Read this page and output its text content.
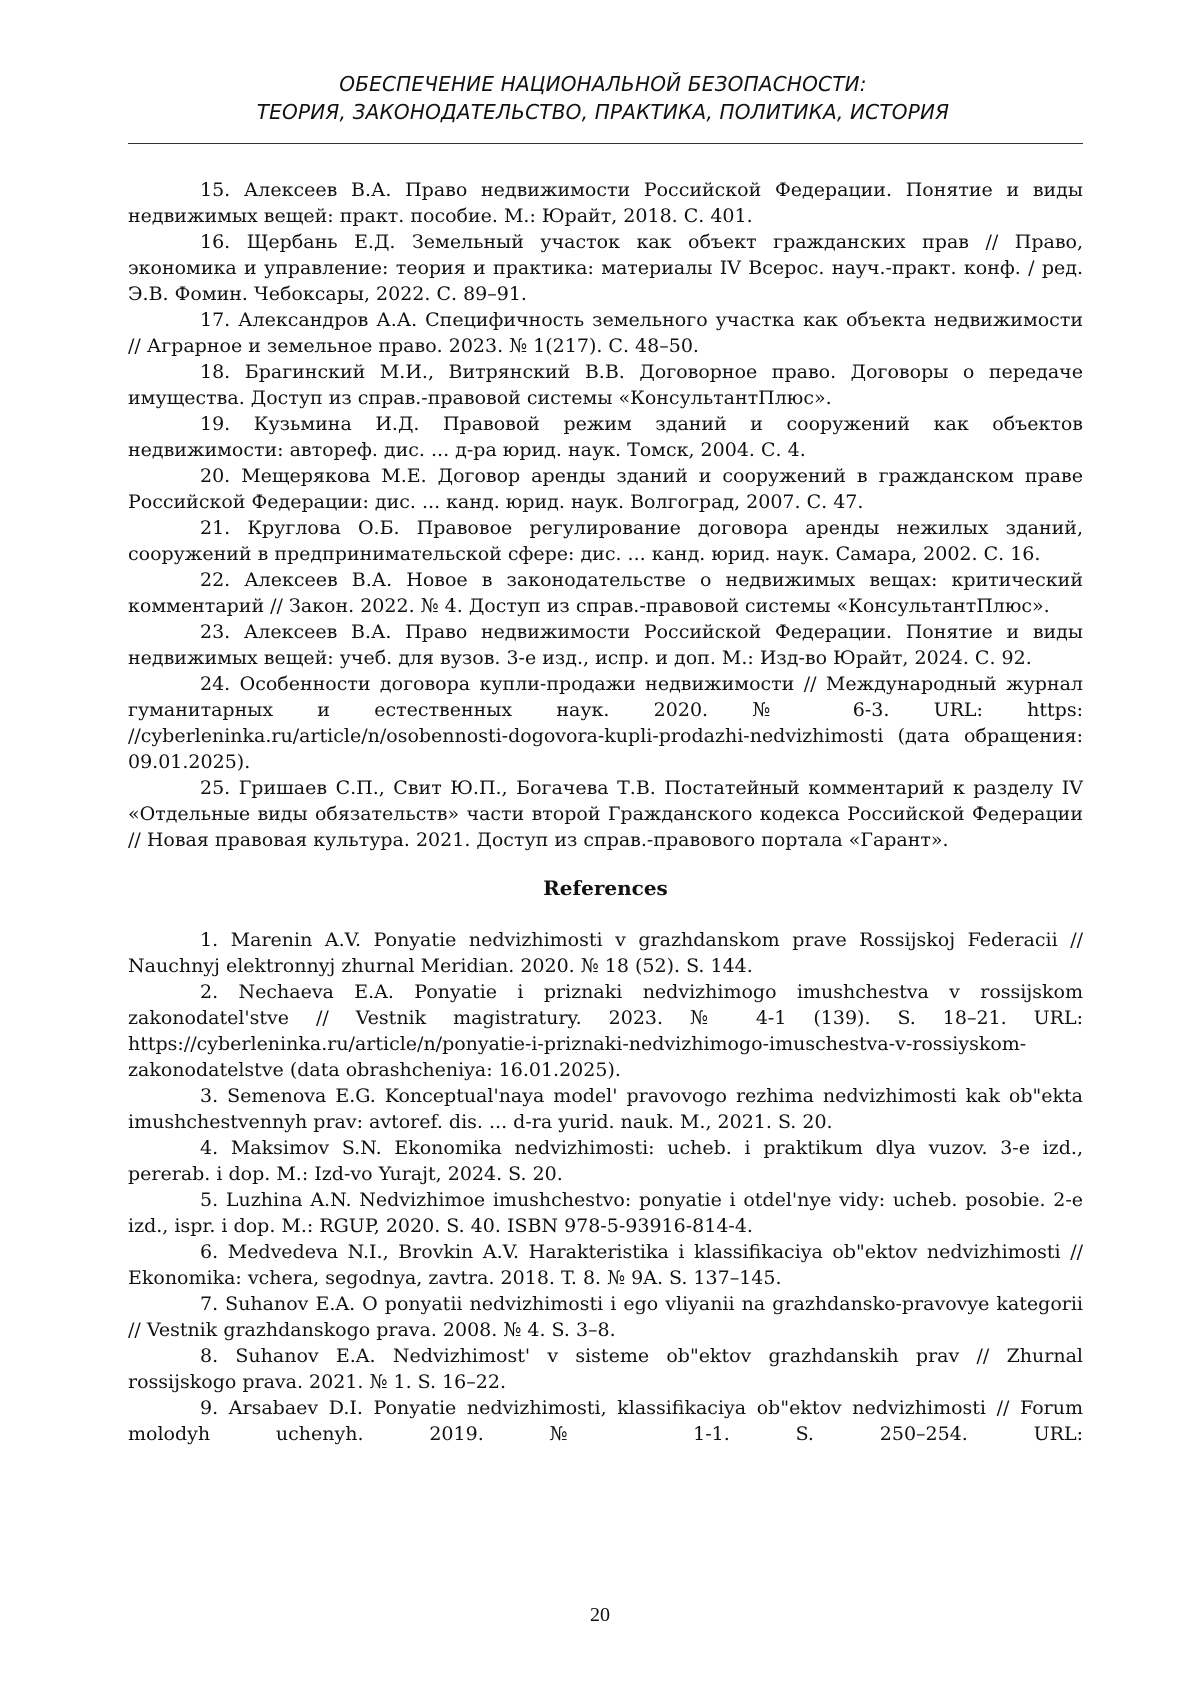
ОБЕСПЕЧЕНИЕ НАЦИОНАЛЬНОЙ БЕЗОПАСНОСТИ:
ТЕОРИЯ, ЗАКОНОДАТЕЛЬСТВО, ПРАКТИКА, ПОЛИТИКА, ИСТОРИЯ

15. Алексеев В.А. Право недвижимости Российской Федерации. Понятие и виды недвижимых вещей: практ. пособие. М.: Юрайт, 2018. С. 401.

16. Щербань Е.Д. Земельный участок как объект гражданских прав // Право, экономика и управление: теория и практика: материалы IV Всерос. науч.-практ. конф. / ред. Э.В. Фомин. Чебоксары, 2022. С. 89–91.

17. Александров А.А. Специфичность земельного участка как объекта недвижимости // Аграрное и земельное право. 2023. № 1(217). С. 48–50.

18. Брагинский М.И., Витрянский В.В. Договорное право. Договоры о передаче имущества. Доступ из справ.-правовой системы «КонсультантПлюс».

19. Кузьмина И.Д. Правовой режим зданий и сооружений как объектов недвижимости: автореф. дис. ... д-ра юрид. наук. Томск, 2004. С. 4.

20. Мещерякова М.Е. Договор аренды зданий и сооружений в гражданском праве Российской Федерации: дис. ... канд. юрид. наук. Волгоград, 2007. С. 47.

21. Круглова О.Б. Правовое регулирование договора аренды нежилых зданий, сооружений в предпринимательской сфере: дис. ... канд. юрид. наук. Самара, 2002. С. 16.

22. Алексеев В.А. Новое в законодательстве о недвижимых вещах: критический комментарий // Закон. 2022. № 4. Доступ из справ.-правовой системы «КонсультантПлюс».

23. Алексеев В.А. Право недвижимости Российской Федерации. Понятие и виды недвижимых вещей: учеб. для вузов. 3-е изд., испр. и доп. М.: Изд-во Юрайт, 2024. С. 92.

24. Особенности договора купли-продажи недвижимости // Международный журнал гуманитарных и естественных наук. 2020. № 6-3. URL: https: //cyberleninka.ru/article/n/osobennosti-dogovora-kupli-prodazhi-nedvizhimosti (дата обращения: 09.01.2025).

25. Гришаев С.П., Свит Ю.П., Богачева Т.В. Постатейный комментарий к разделу IV «Отдельные виды обязательств» части второй Гражданского кодекса Российской Федерации // Новая правовая культура. 2021. Доступ из справ.-правового портала «Гарант».

References

1. Marenin A.V. Ponyatie nedvizhimosti v grazhdanskom prave Rossijskoj Federacii // Nauchnyj elektronnyj zhurnal Meridian. 2020. № 18 (52). S. 144.

2. Nechaeva E.A. Ponyatie i priznaki nedvizhimogo imushchestva v rossijskom zakonodatel'stve // Vestnik magistratury. 2023. № 4-1 (139). S. 18–21. URL: https://cyberleninka.ru/article/n/ponyatie-i-priznaki-nedvizhimogo-imuschestva-v-rossiyskom-zakonodatelstve (data obrashcheniya: 16.01.2025).

3. Semenova E.G. Konceptual'naya model' pravovogo rezhima nedvizhimosti kak ob"ekta imushchestvennyh prav: avtoref. dis. ... d-ra yurid. nauk. M., 2021. S. 20.

4. Maksimov S.N. Ekonomika nedvizhimosti: ucheb. i praktikum dlya vuzov. 3-e izd., pererab. i dop. M.: Izd-vo Yurajt, 2024. S. 20.

5. Luzhina A.N. Nedvizhimoe imushchestvo: ponyatie i otdel'nye vidy: ucheb. posobie. 2-e izd., ispr. i dop. M.: RGUP, 2020. S. 40. ISBN 978-5-93916-814-4.

6. Medvedeva N.I., Brovkin A.V. Harakteristika i klassifikaciya ob"ektov nedvizhimosti // Ekonomika: vchera, segodnya, zavtra. 2018. T. 8. № 9A. S. 137–145.

7. Suhanov E.A. O ponyatii nedvizhimosti i ego vliyanii na grazhdansko-pravovye kategorii // Vestnik grazhdanskogo prava. 2008. № 4. S. 3–8.

8. Suhanov E.A. Nedvizhimost' v sisteme ob"ektov grazhdanskih prav // Zhurnal rossijskogo prava. 2021. № 1. S. 16–22.

9. Arsabaev D.I. Ponyatie nedvizhimosti, klassifikaciya ob"ektov nedvizhimosti // Forum molodyh uchenyh. 2019. № 1-1. S. 250–254. URL:

20
